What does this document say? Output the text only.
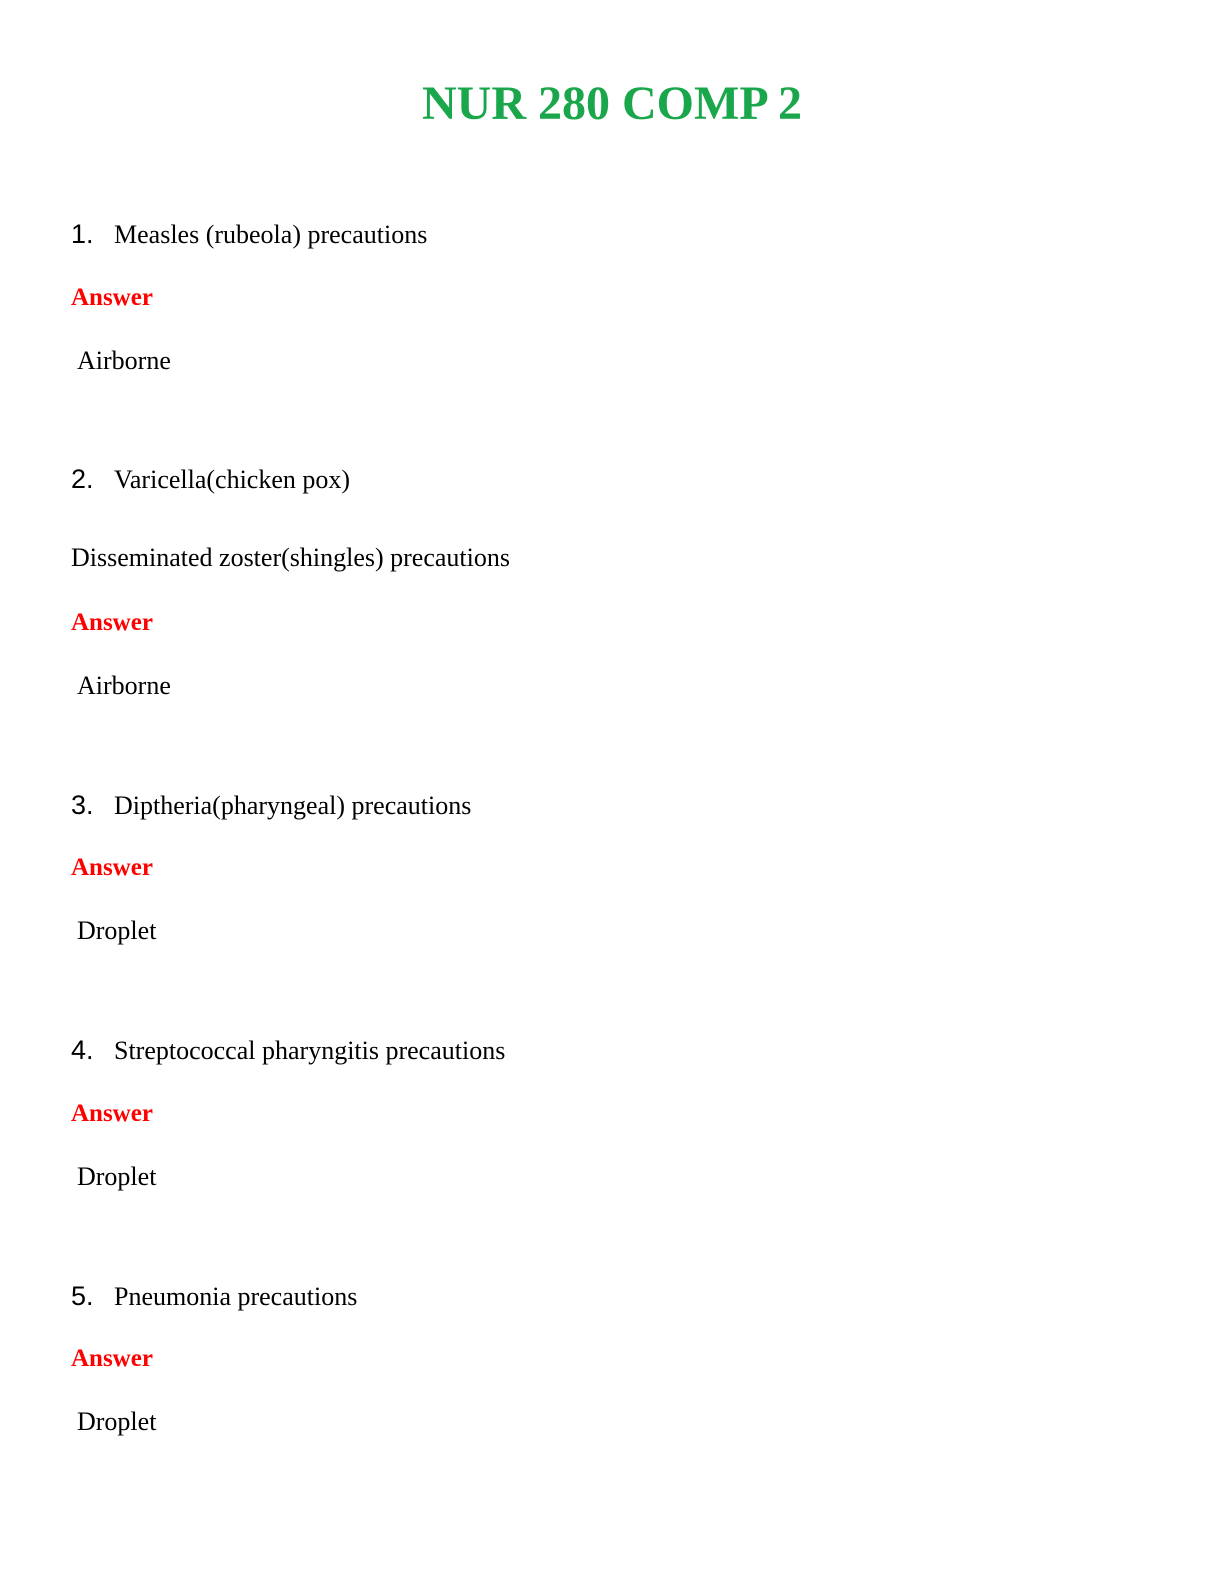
NUR 280 COMP 2
1. Measles (rubeola) precautions
Answer
Airborne
2. Varicella(chicken pox)
Disseminated zoster(shingles) precautions
Answer
Airborne
3. Diptheria(pharyngeal) precautions
Answer
Droplet
4. Streptococcal pharyngitis precautions
Answer
Droplet
5. Pneumonia precautions
Answer
Droplet
